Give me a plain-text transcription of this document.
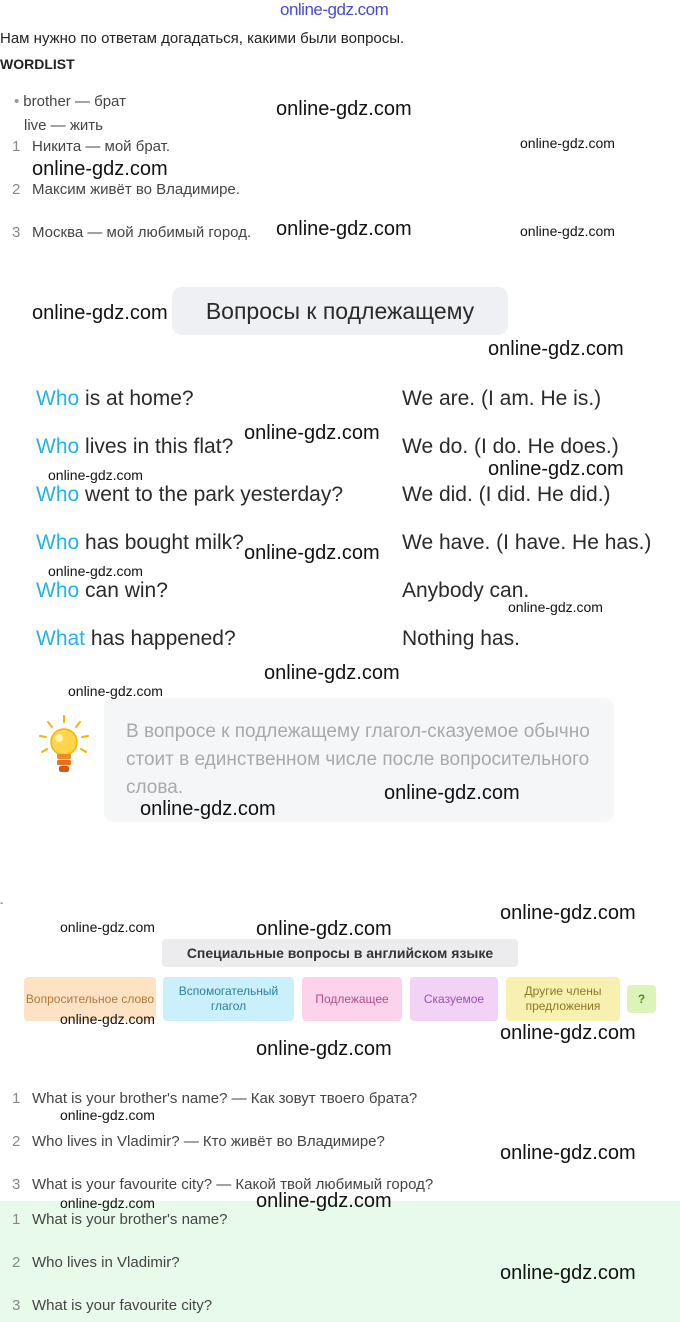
online-gdz.com
Нам нужно по ответам догадаться, какими были вопросы.
WORDLIST
• brother — брат
live — жить
1 Никита — мой брат.
2 Максим живёт во Владимире.
3 Москва — мой любимый город.
Вопросы к подлежащему
Who is at home?	We are. (I am. He is.)
Who lives in this flat?	We do. (I do. He does.)
Who went to the park yesterday?	We did. (I did. He did.)
Who has bought milk?	We have. (I have. He has.)
Who can win?	Anybody can.
What has happened?	Nothing has.
В вопросе к подлежащему глагол-сказуемое обычно стоит в единственном числе после вопросительного слова.
-
Специальные вопросы в английском языке
Вопросительное слово
Вспомогательный глагол
Подлежащее	Сказуемое
Другие члены предложения
?
1 What is your brother's name? — Как зовут твоего брата?
2 Who lives in Vladimir? — Кто живёт во Владимире?
3 What is your favourite city? — Какой твой любимый город?
1 What is your brother's name?
2 Who lives in Vladimir?
3 What is your favourite city?
online-gdz.com
online-gdz.com
online-gdz.com
online-gdz.com	online-gdz.com
online-gdz.com
online-gdz.com
online-gdz.com
online-gdz.com
online-gdz.com
online-gdz.com
online-gdz.com
online-gdz.com
online-gdz.com
online-gdz.com
online-gdz.com
online-gdz.com
online-gdz.com
online-gdz.com	online-gdz.com
online-gdz.com
online-gdz.com
online-gdz.com
online-gdz.com
online-gdz.com
online-gdz.com	online-gdz.com
online-gdz.com
